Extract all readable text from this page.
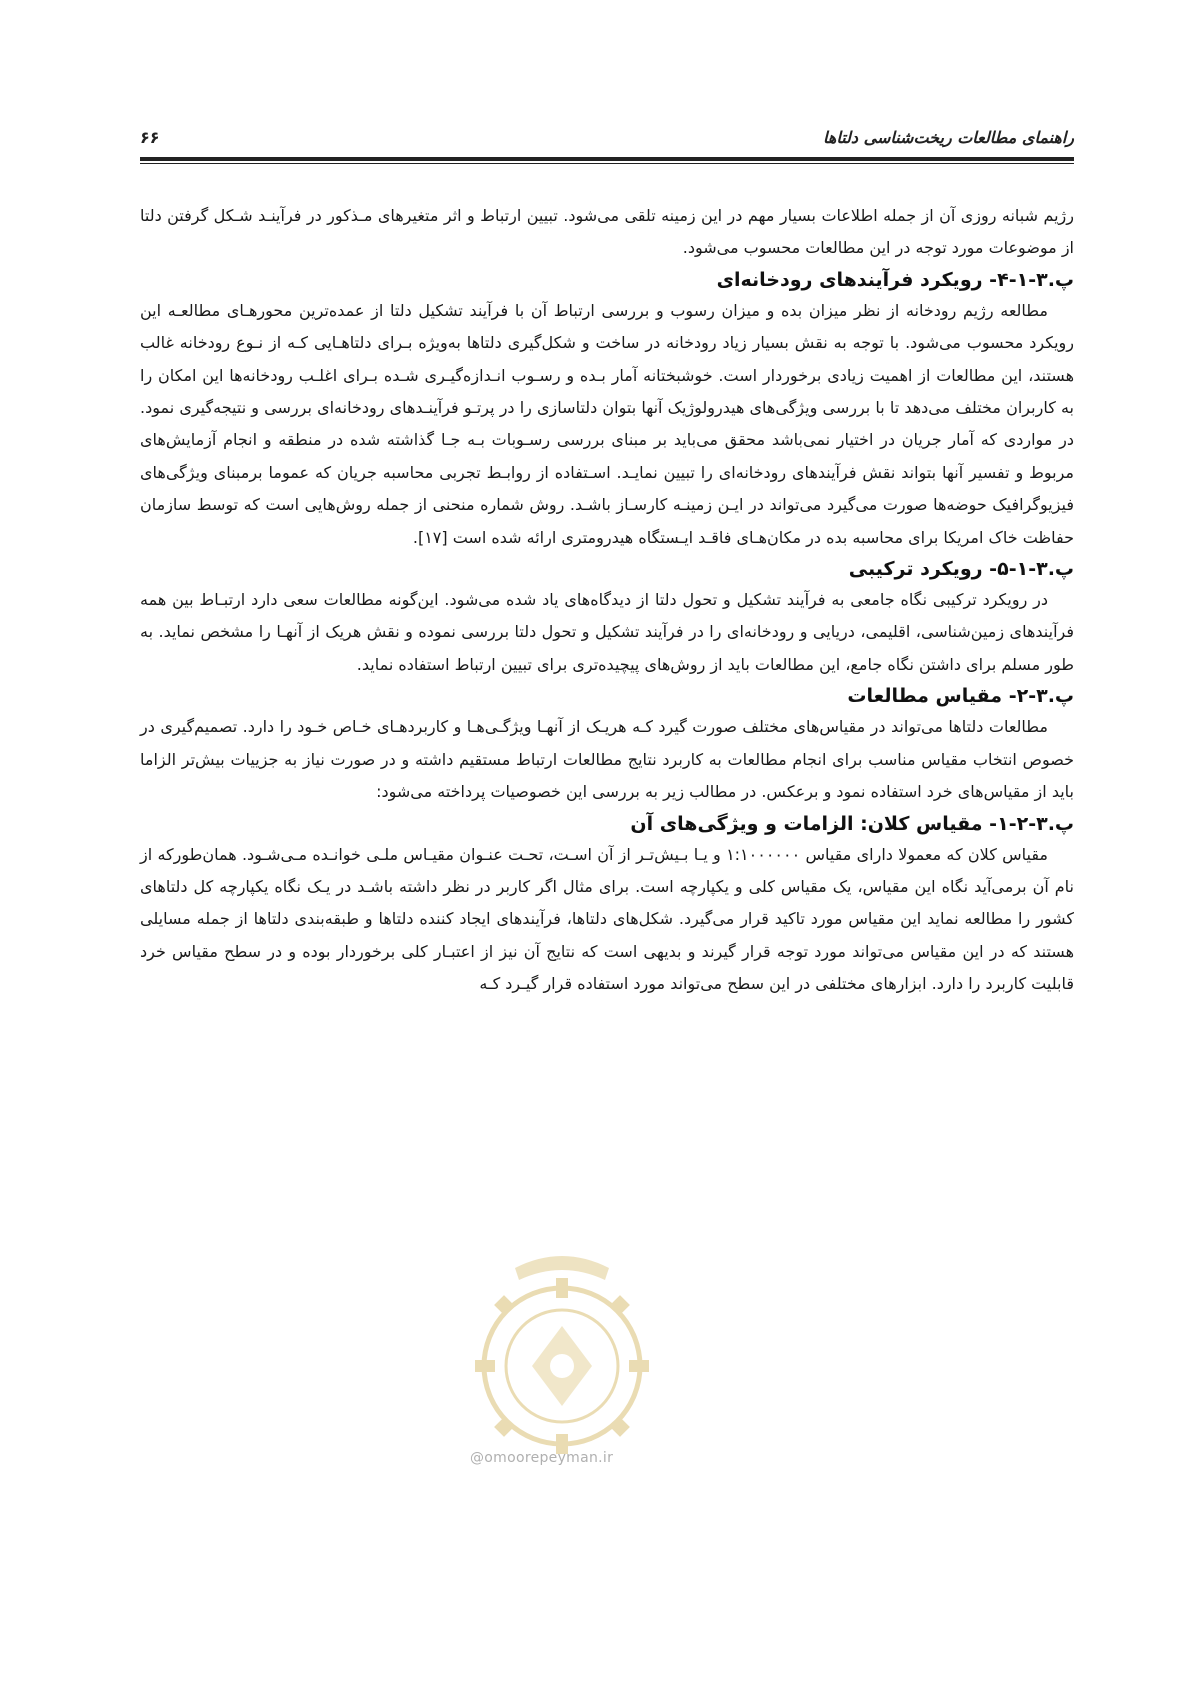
راهنمای مطالعات ریخت‌شناسی دلتاها
۶۶

رژیم شبانه روزی آن از جمله اطلاعات بسیار مهم در این زمینه تلقی می‌شود. تبیین ارتباط و اثر متغیرهای مـذکور در فرآینـد شـکل گرفتن دلتا از موضوعات مورد توجه در این مطالعات محسوب می‌شود.

پ.۳-۱-۴- رویکرد فرآیندهای رودخانه‌ای

مطالعه رژیم رودخانه از نظر میزان بده و میزان رسوب و بررسی ارتباط آن با فرآیند تشکیل دلتا از عمده‌ترین محورهـای مطالعـه این رویکرد محسوب می‌شود. با توجه به نقش بسیار زیاد رودخانه در ساخت و شکل‌گیری دلتاها به‌ویژه بـرای دلتاهـایی کـه از نـوع رودخانه غالب هستند، این مطالعات از اهمیت زیادی برخوردار است. خوشبختانه آمار بـده و رسـوب انـدازه‌گیـری شـده بـرای اغلـب رودخانه‌ها این امکان را به کاربران مختلف می‌دهد تا با بررسی ویژگی‌های هیدرولوژیک آنها بتوان دلتاسازی را در پرتـو فرآینـدهای رودخانه‌ای بررسی و نتیجه‌گیری نمود. در مواردی که آمار جریان در اختیار نمی‌باشد محقق می‌باید بر مبنای بررسی رسـوبات بـه جـا گذاشته شده در منطقه و انجام آزمایش‌های مربوط و تفسیر آنها بتواند نقش فرآیندهای رودخانه‌ای را تبیین نمایـد. اسـتفاده از روابـط تجربی محاسبه جریان که عموما برمبنای ویژگی‌های فیزیوگرافیک حوضه‌ها صورت می‌گیرد می‌تواند در ایـن زمینـه کارسـاز باشـد. روش شماره منحنی از جمله روش‌هایی است که توسط سازمان حفاظت خاک امریکا برای محاسبه بده در مکان‌هـای فاقـد ایـستگاه هیدرومتری ارائه شده است [۱۷].

پ.۳-۱-۵- رویکرد ترکیبی

در رویکرد ترکیبی نگاه جامعی به فرآیند تشکیل و تحول دلتا از دیدگاه‌های یاد شده می‌شود. این‌گونه مطالعات سعی دارد ارتبـاط بین همه فرآیندهای زمین‌شناسی، اقلیمی، دریایی و رودخانه‌ای را در فرآیند تشکیل و تحول دلتا بررسی نموده و نقش هریک از آنهـا را مشخص نماید. به طور مسلم برای داشتن نگاه جامع، این مطالعات باید از روش‌های پیچیده‌تری برای تبیین ارتباط استفاده نماید.

پ.۳-۲- مقیاس مطالعات

مطالعات دلتاها می‌تواند در مقیاس‌های مختلف صورت گیرد کـه هریـک از آنهـا ویژگـی‌هـا و کاربردهـای خـاص خـود را دارد. تصمیم‌گیری در خصوص انتخاب مقیاس مناسب برای انجام مطالعات به کاربرد نتایج مطالعات ارتباط مستقیم داشته و در صورت نیاز به جزییات بیش‌تر الزاما باید از مقیاس‌های خرد استفاده نمود و برعکس. در مطالب زیر به بررسی این خصوصیات پرداخته می‌شود:

پ.۳-۲-۱- مقیاس کلان: الزامات و ویژگی‌های آن

مقیاس کلان که معمولا دارای مقیاس ۱:۱۰۰۰۰۰۰ و یـا بـیش‌تـر از آن اسـت، تحـت عنـوان مقیـاس ملـی خوانـده مـی‌شـود. همان‌طورکه از نام آن برمی‌آید نگاه این مقیاس، یک مقیاس کلی و یکپارچه است. برای مثال اگر کاربر در نظر داشته باشـد در یـک نگاه یکپارچه کل دلتاهای کشور را مطالعه نماید این مقیاس مورد تاکید قرار می‌گیرد. شکل‌های دلتاها، فرآیندهای ایجاد کننده دلتاها و طبقه‌بندی دلتاها از جمله مسایلی هستند که در این مقیاس می‌تواند مورد توجه قرار گیرند و بدیهی است که نتایج آن نیز از اعتبـار کلی برخوردار بوده و در سطح مقیاس خرد قابلیت کاربرد را دارد. ابزارهای مختلفی در این سطح می‌تواند مورد استفاده قرار گیـرد کـه

@omoorepeyman.ir
